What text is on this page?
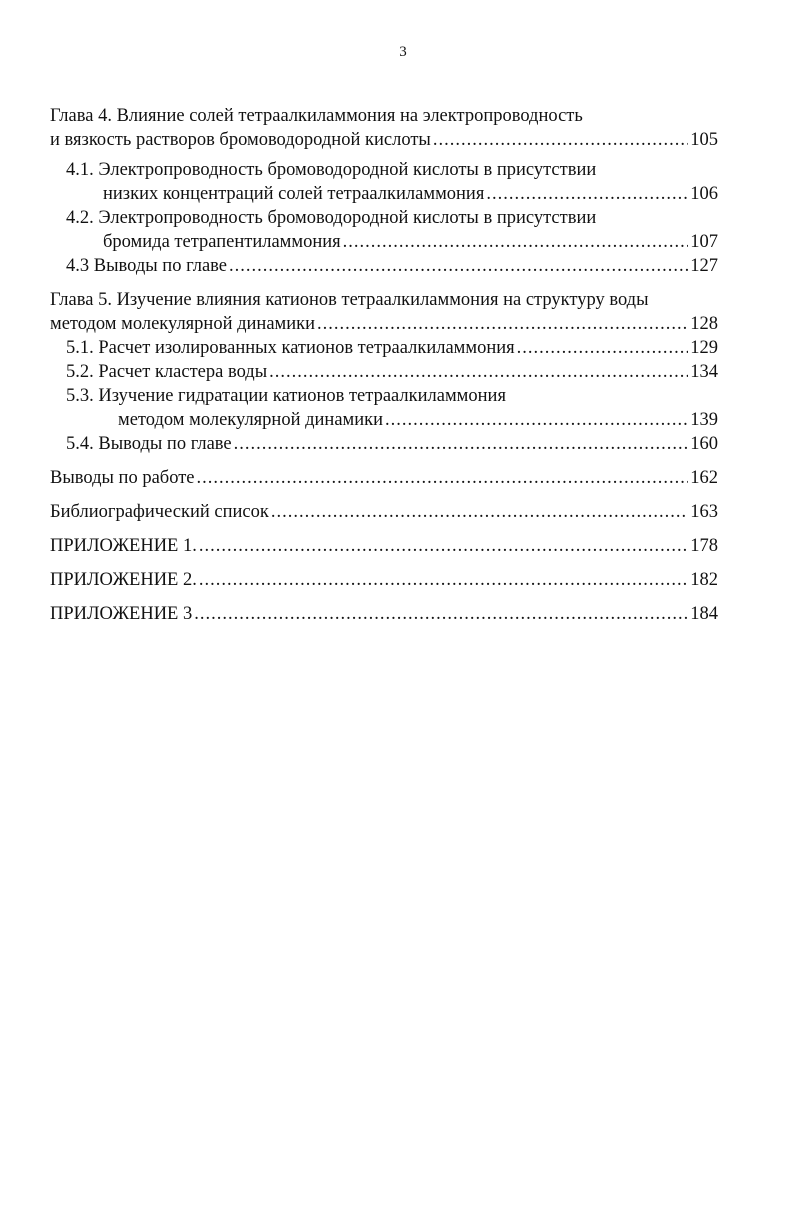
3
Глава 4. Влияние солей тетраалкиламмония на электропроводность
и вязкость растворов бромоводородной кислоты .....	105
4.1. Электропроводность бромоводородной кислоты в присутствии
низких концентраций солей тетраалкиламмония .....	106
4.2. Электропроводность бромоводородной кислоты в присутствии
бромида тетрапентиламмония .....	107
4.3 Выводы по главе .....	127
Глава 5. Изучение влияния катионов тетраалкиламмония на структуру воды
методом молекулярной динамики .....	128
5.1. Расчет изолированных катионов тетраалкиламмония .....	129
5.2. Расчет кластера воды .....	134
5.3. Изучение гидратации катионов тетраалкиламмония
методом молекулярной динамики .....	139
5.4. Выводы по главе .....	160
Выводы по работе .....	162
Библиографический список .....	163
ПРИЛОЖЕНИЕ 1. .....	178
ПРИЛОЖЕНИЕ 2. .....	182
ПРИЛОЖЕНИЕ 3 .....	184
